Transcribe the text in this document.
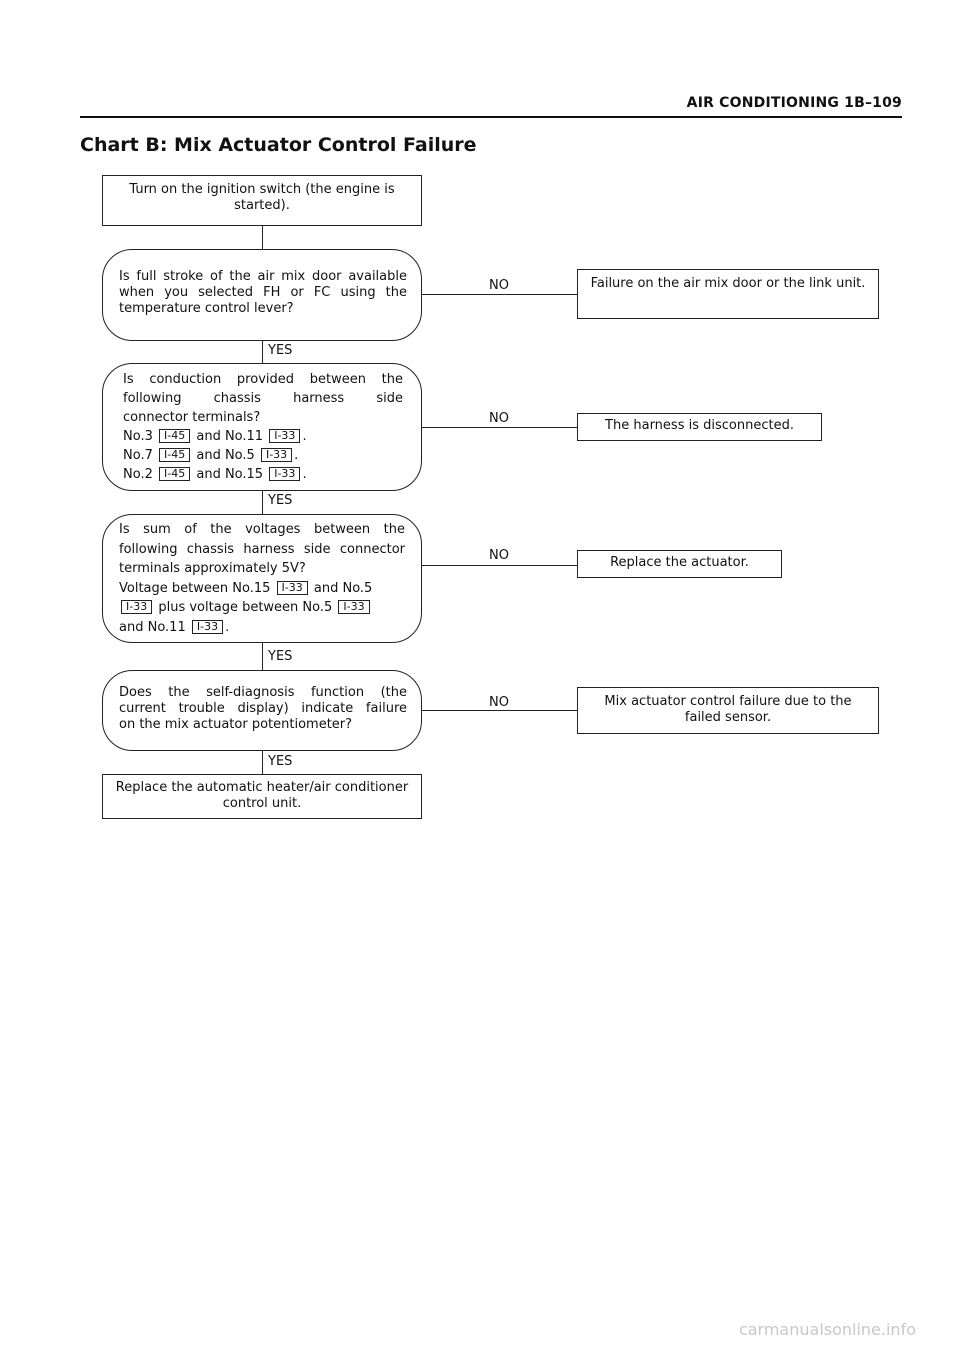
AIR CONDITIONING 1B–109
Chart B: Mix Actuator Control Failure
Turn on the ignition switch (the engine is started).
Is full stroke of the air mix door available
when you selected FH or FC using the
temperature control lever?
NO	Failure on the air mix door or the link unit.
YES
Is conduction provided between the
following chassis harness side
connector terminals?
No.3 I-45 and No.11 I-33 .
No.7 I-45 and No.5 I-33 .
No.2 I-45 and No.15 I-33 .
NO	The harness is disconnected.
YES
Is sum of the voltages between the
following chassis harness side connector
terminals approximately 5V?
Voltage between No.15 I-33 and No.5
I-33 plus voltage between No.5 I-33
and No.11 I-33 .
NO	Replace the actuator.
YES
Does the self-diagnosis function (the
current trouble display) indicate failure
on the mix actuator potentiometer?
NO	Mix actuator control failure due to the failed sensor.
YES
Replace the automatic heater/air conditioner control unit.
carmanualsonline.info
